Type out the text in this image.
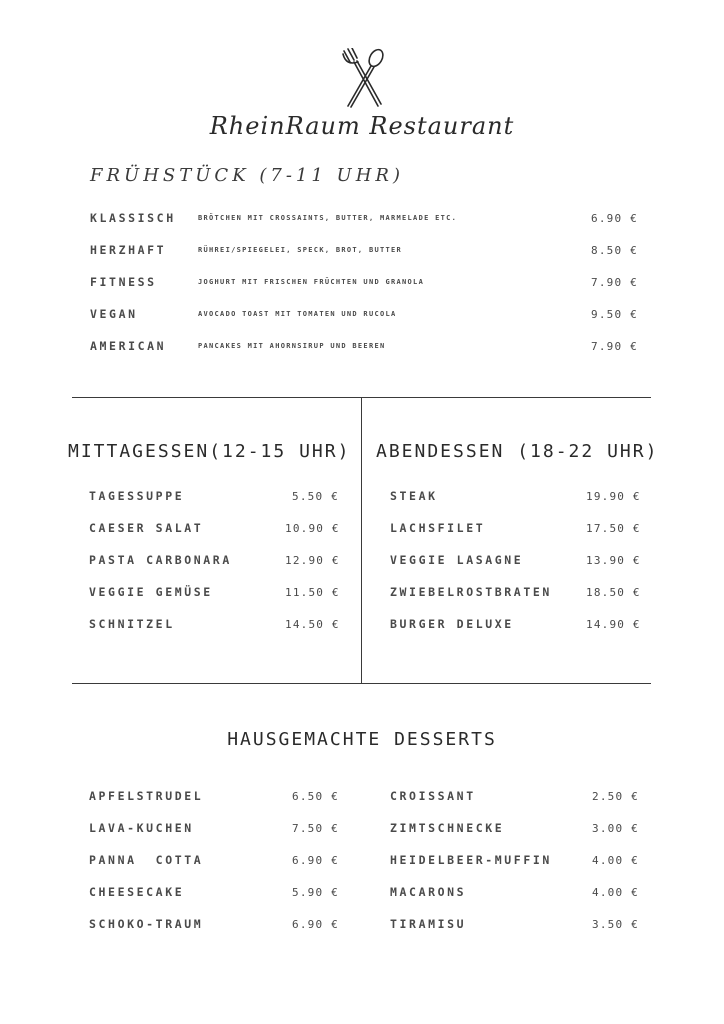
RheinRaum Restaurant
FRÜHSTÜCK (7-11 UHR)
KLASSISCH	BRÖTCHEN MIT CROSSAINTS, BUTTER, MARMELADE ETC.	6.90 €
HERZHAFT	RÜHREI/SPIEGELEI, SPECK, BROT, BUTTER	8.50 €
FITNESS	JOGHURT MIT FRISCHEN FRÜCHTEN UND GRANOLA	7.90 €
VEGAN	AVOCADO TOAST MIT TOMATEN UND RUCOLA	9.50 €
AMERICAN	PANCAKES MIT AHORNSIRUP UND BEEREN	7.90 €
MITTAGESSEN(12-15 UHR)
TAGESSUPPE	5.50 €
CAESER SALAT	10.90 €
PASTA CARBONARA	12.90 €
VEGGIE GEMÜSE	11.50 €
SCHNITZEL	14.50 €
ABENDESSEN (18-22 UHR)
STEAK	19.90 €
LACHSFILET	17.50 €
VEGGIE LASAGNE	13.90 €
ZWIEBELROSTBRATEN	18.50 €
BURGER DELUXE	14.90 €
HAUSGEMACHTE DESSERTS
APFELSTRUDEL	6.50 €
LAVA-KUCHEN	7.50 €
PANNA  COTTA	6.90 €
CHEESECAKE	5.90 €
SCHOKO-TRAUM	6.90 €
CROISSANT	2.50 €
ZIMTSCHNECKE	3.00 €
HEIDELBEER-MUFFIN	4.00 €
MACARONS	4.00 €
TIRAMISU	3.50 €
